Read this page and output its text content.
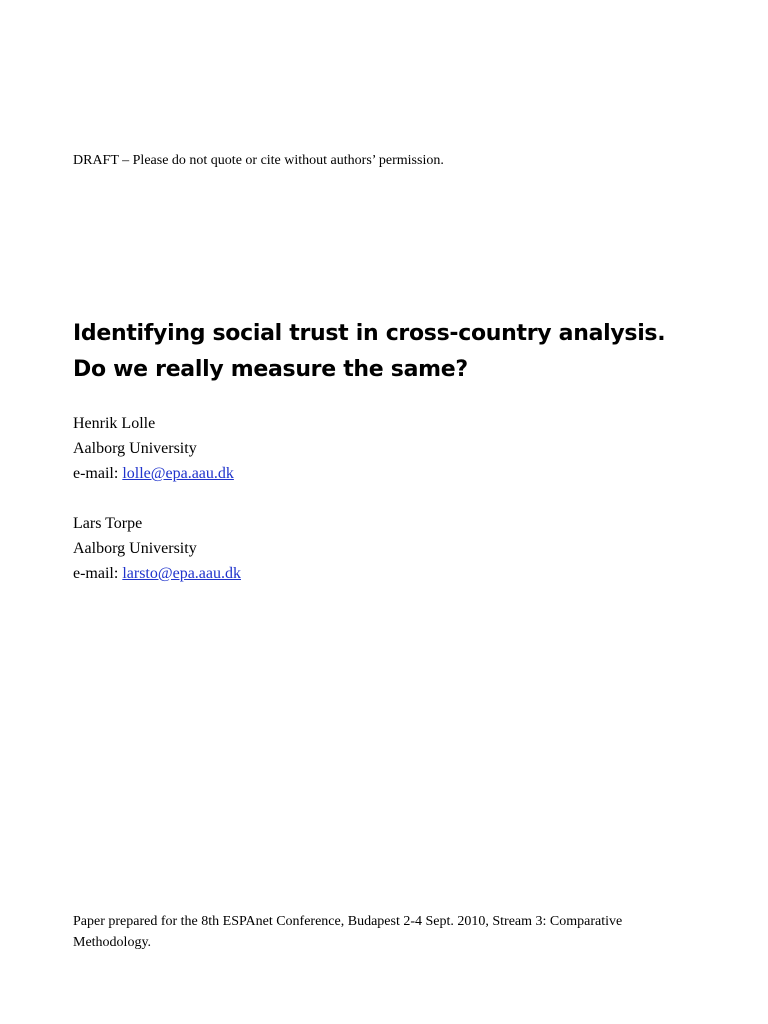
DRAFT – Please do not quote or cite without authors’ permission.
Identifying social trust in cross-country analysis.
Do we really measure the same?
Henrik Lolle
Aalborg University
e-mail: lolle@epa.aau.dk
Lars Torpe
Aalborg University
e-mail: larsto@epa.aau.dk
Paper prepared for the 8th ESPAnet Conference, Budapest 2-4 Sept. 2010, Stream 3: Comparative Methodology.
